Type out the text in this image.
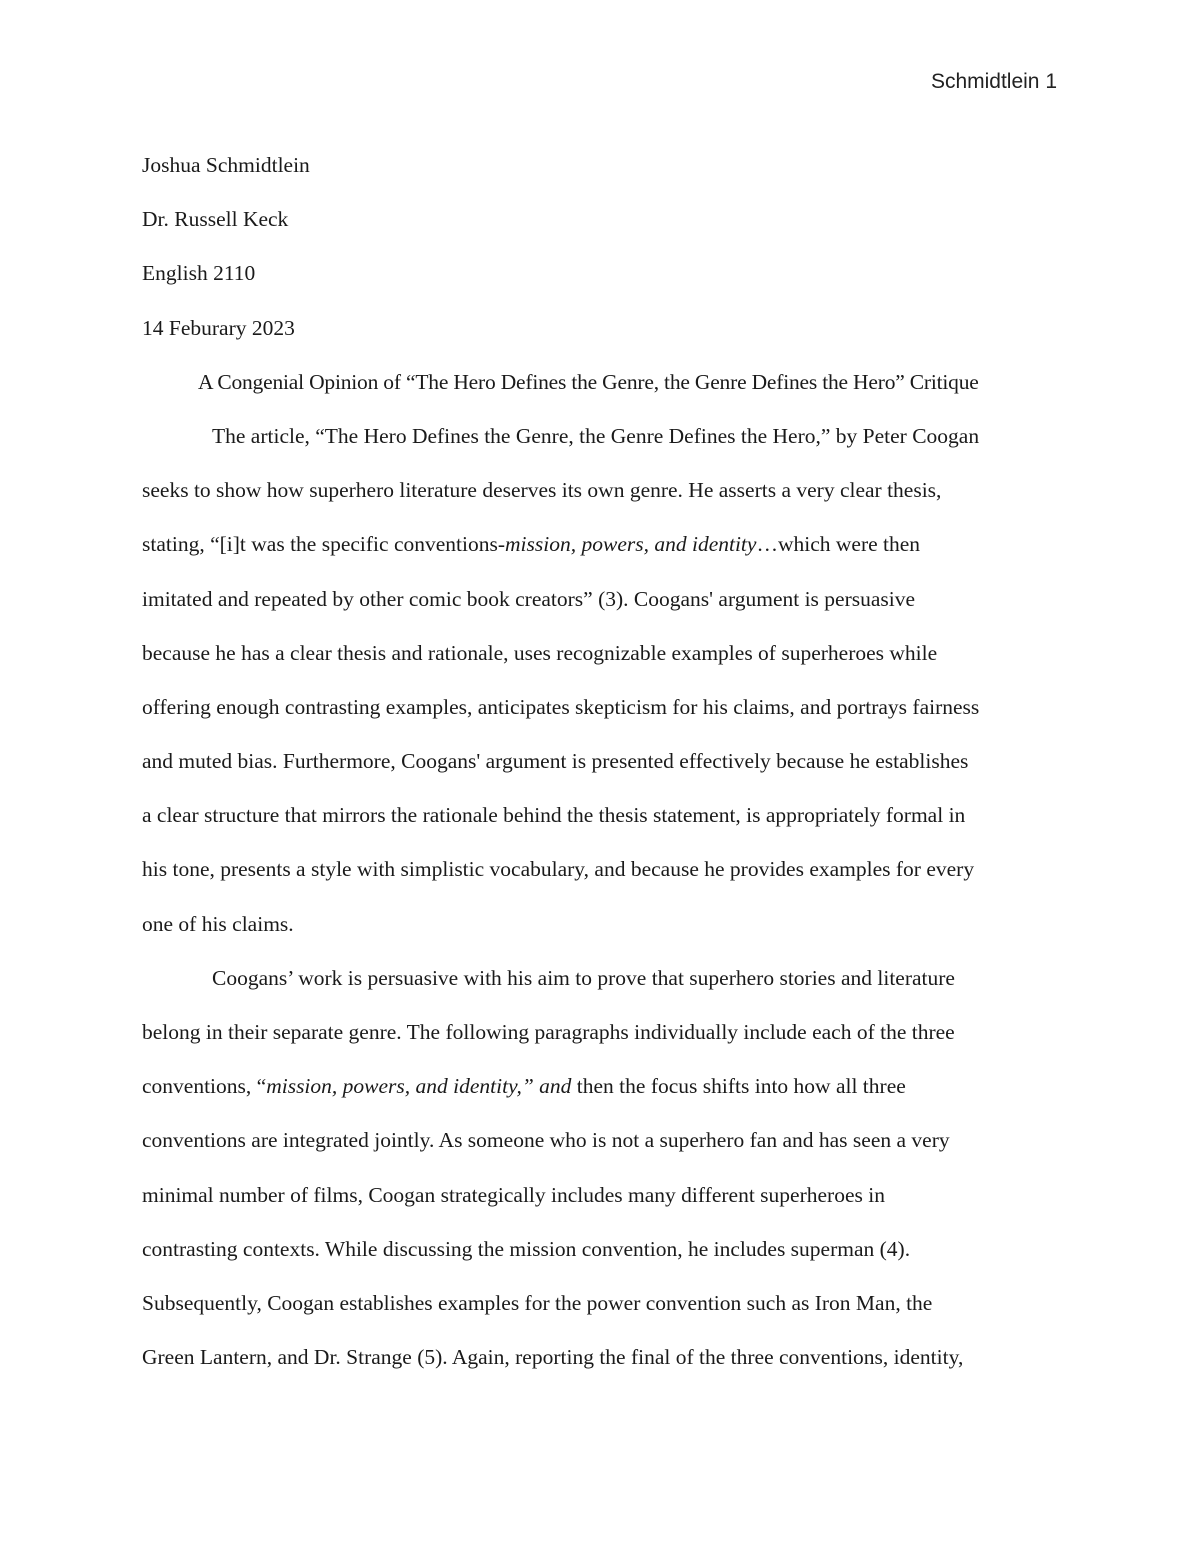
Schmidtlein 1
Joshua Schmidtlein
Dr. Russell Keck
English 2110
14 Feburary 2023
A Congenial Opinion of “The Hero Defines the Genre, the Genre Defines the Hero” Critique
The article, “The Hero Defines the Genre, the Genre Defines the Hero,” by Peter Coogan
seeks to show how superhero literature deserves its own genre. He asserts a very clear thesis,
stating, “[i]t was the specific conventions-mission, powers, and identity…which were then
imitated and repeated by other comic book creators” (3). Coogans' argument is persuasive
because he has a clear thesis and rationale, uses recognizable examples of superheroes while
offering enough contrasting examples, anticipates skepticism for his claims, and portrays fairness
and muted bias. Furthermore, Coogans' argument is presented effectively because he establishes
a clear structure that mirrors the rationale behind the thesis statement, is appropriately formal in
his tone, presents a style with simplistic vocabulary, and because he provides examples for every
one of his claims.
Coogans’ work is persuasive with his aim to prove that superhero stories and literature
belong in their separate genre. The following paragraphs individually include each of the three
conventions, “mission, powers, and identity,” and then the focus shifts into how all three
conventions are integrated jointly. As someone who is not a superhero fan and has seen a very
minimal number of films, Coogan strategically includes many different superheroes in
contrasting contexts. While discussing the mission convention, he includes superman (4).
Subsequently, Coogan establishes examples for the power convention such as Iron Man, the
Green Lantern, and Dr. Strange (5). Again, reporting the final of the three conventions, identity,
